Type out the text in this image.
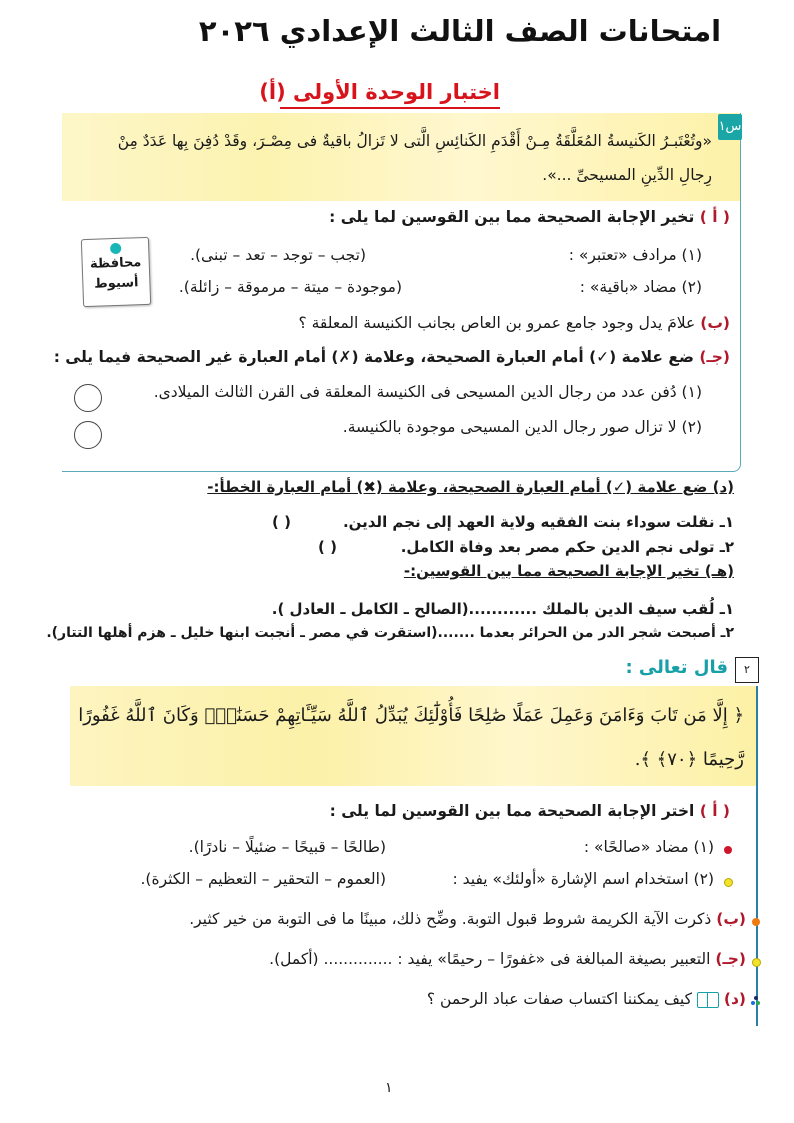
امتحانات الصف الثالث الإعدادي ٢٠٢٦
اختبار الوحدة الأولى (أ)
س١
«وتُعْتَبـرُ الكَنيسةُ المُعَلَّقَةُ مِـنْ أَقْدَمِ الكَنائِسِ الَّتى لا تَزالُ باقيةٌ فى مِصْـرَ، وقَدْ دُفِنَ بِها عَدَدٌ مِنْ
رِجالِ الدِّينِ المسيحىِّ ...».
( أ ) تخير الإجابة الصحيحة مما بين القوسين لما يلى :
(١) مرادف «تعتبر» :
(تجب – توجد – تعد – تبنى).
(٢) مضاد «باقية» :
(موجودة – ميتة – مرموقة – زائلة).
محافظة
أسيوط
(ب) علامَ يدل وجود جامع عمرو بن العاص بجانب الكنيسة المعلقة ؟
(جـ) ضع علامة (✓) أمام العبارة الصحيحة، وعلامة (✗) أمام العبارة غير الصحيحة فيما يلى :
(١) دُفن عدد من رجال الدين المسيحى فى الكنيسة المعلقة فى القرن الثالث الميلادى.
(٢) لا تزال صور رجال الدين المسيحى موجودة بالكنيسة.
(د) ضع علامة (✓) أمام العبارة الصحيحة، وعلامة (✖) أمام العبارة الخطأ:-
١ـ نقلت سوداء بنت الفقيه ولاية العهد إلى نجم الدين.
( )
٢ـ تولى نجم الدين حكم مصر بعد وفاة الكامل.
( )
(هـ) تخير الإجابة الصحيحة مما بين القوسين:-
١ـ لُقب سيف الدين بالملك ............(الصالح ـ الكامل ـ العادل ).
٢ـ أصبحت شجر الدر من الحرائر بعدما .......(استقرت في مصر ـ أنجبت ابنها خليل ـ هزم أهلها التتار).
٢
قال تعالى :
﴿ إِلَّا مَن تَابَ وَءَامَنَ وَعَمِلَ عَمَلًا صَٰلِحًا فَأُوْلَٰٓئِكَ يُبَدِّلُ ٱللَّهُ سَيِّـَٔاتِهِمْ حَسَنَٰتٍۗ وَكَانَ ٱللَّهُ غَفُورًا
رَّحِيمًا ﴿٧٠﴾ ﴾.
( أ ) اختر الإجابة الصحيحة مما بين القوسين لما يلى :
(١) مضاد «صالحًا» :
(طالحًا – قبيحًا – ضئيلًا – نادرًا).
(٢) استخدام اسم الإشارة «أولئك» يفيد :
(العموم – التحقير – التعظيم – الكثرة).
(ب) ذكرت الآية الكريمة شروط قبول التوبة. وضِّح ذلك، مبينًا ما فى التوبة من خير كثير.
(جـ) التعبير بصيغة المبالغة فى «غفورًا – رحيمًا» يفيد : .............. (أكمل).
(د)
كيف يمكننا اكتساب صفات عباد الرحمن ؟
١
